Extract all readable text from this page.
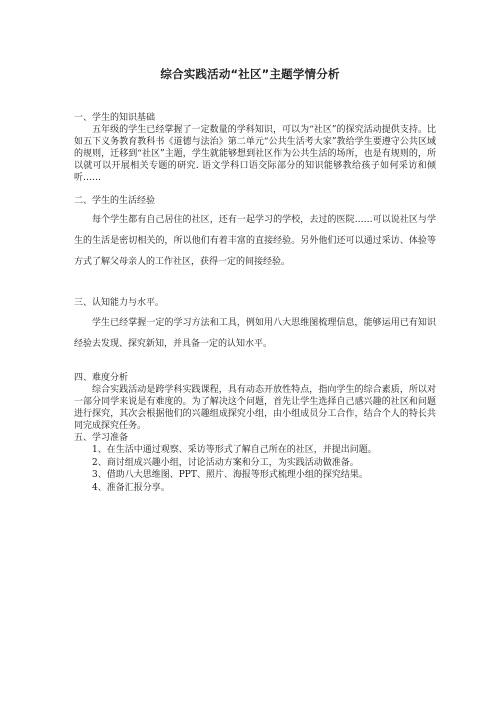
综合实践活动“社区”主题学情分析

一、学生的知识基础

五年级的学生已经掌握了一定数量的学科知识，可以为“社区”的探究活动提供支持。比如五下义务教育教科书《道德与法治》第二单元“公共生活考大家”教给学生要遵守公共区域的规则，迁移到“社区”主题，学生就能够想到社区作为公共生活的场所，也是有规则的，所以就可以开展相关专题的研究. 语文学科口语交际部分的知识能够教给孩子如何采访和倾听……

二、学生的生活经验

每个学生都有自己居住的社区，还有一起学习的学校，去过的医院……可以说社区与学生的生活是密切相关的，所以他们有着丰富的直接经验。另外他们还可以通过采访、体验等方式了解父母亲人的工作社区，获得一定的间接经验。

三、认知能力与水平。

学生已经掌握一定的学习方法和工具，例如用八大思维图梳理信息，能够运用已有知识经验去发现、探究新知，并具备一定的认知水平。

四、难度分析

综合实践活动是跨学科实践课程，具有动态开放性特点，指向学生的综合素质，所以对一部分同学来说是有难度的。为了解决这个问题，首先让学生选择自己感兴趣的社区和问题进行探究，其次会根据他们的兴趣组成探究小组，由小组成员分工合作，结合个人的特长共同完成探究任务。

五、学习准备

1、在生活中通过观察、采访等形式了解自己所在的社区，并提出问题。

2、商讨组成兴趣小组，讨论活动方案和分工，为实践活动做准备。

3、借助八大思维图、PPT、照片、海报等形式梳理小组的探究结果。

4、准备汇报分享。
